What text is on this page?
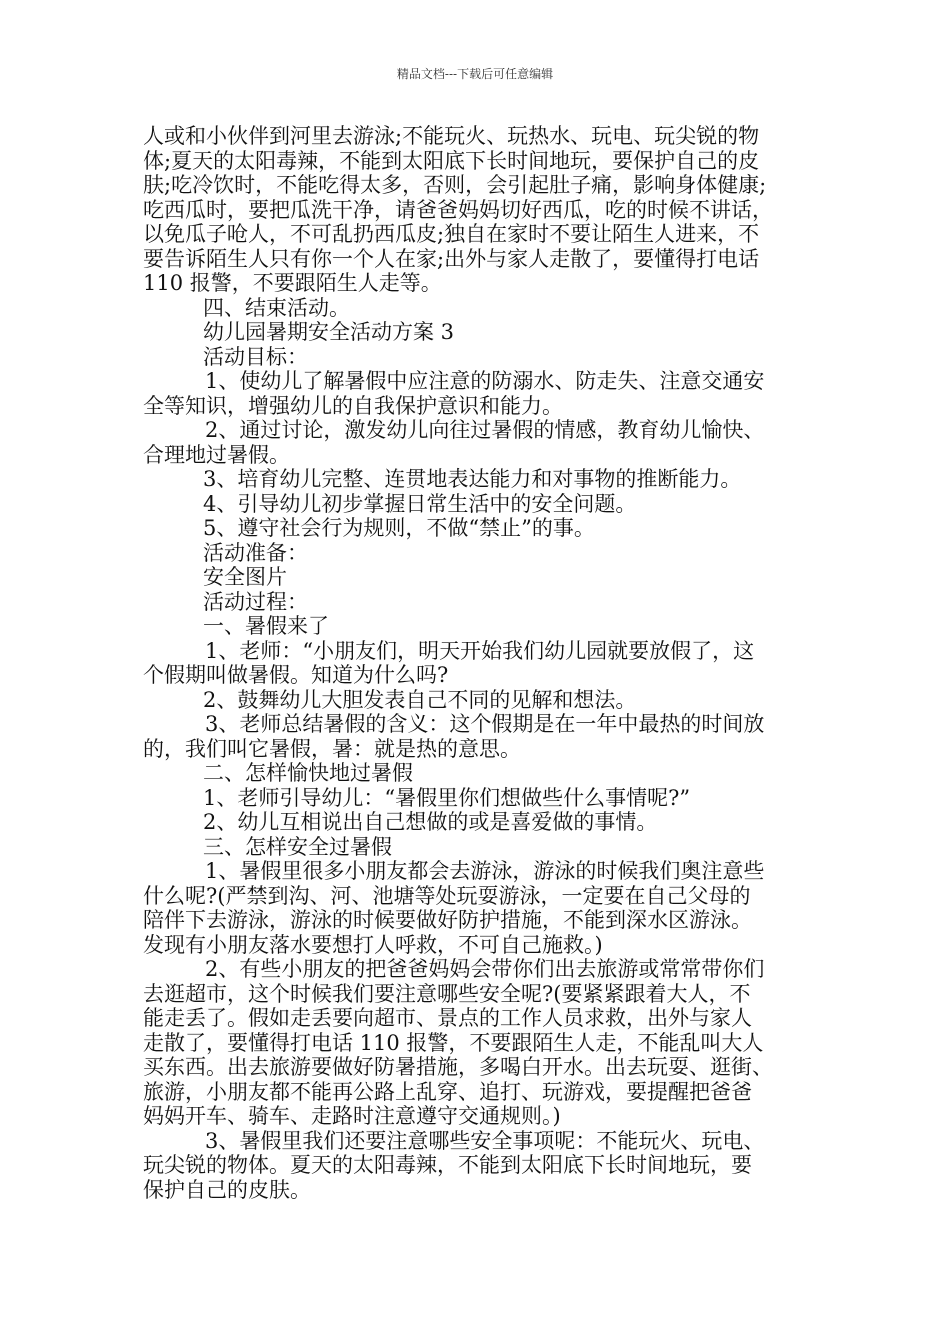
精品文档---下载后可任意编辑
人或和小伙伴到河里去游泳;不能玩火、玩热水、玩电、玩尖锐的物
体;夏天的太阳毒辣，不能到太阳底下长时间地玩，要保护自己的皮
肤;吃冷饮时，不能吃得太多，否则，会引起肚子痛，影响身体健康;
吃西瓜时，要把瓜洗干净，请爸爸妈妈切好西瓜，吃的时候不讲话，
以免瓜子呛人，不可乱扔西瓜皮;独自在家时不要让陌生人进来，不
要告诉陌生人只有你一个人在家;出外与家人走散了，要懂得打电话
110 报警，不要跟陌生人走等。
四、结束活动。
幼儿园暑期安全活动方案 3
活动目标：
1、使幼儿了解暑假中应注意的防溺水、防走失、注意交通安
全等知识，增强幼儿的自我保护意识和能力。
2、通过讨论，激发幼儿向往过暑假的情感，教育幼儿愉快、
合理地过暑假。
3、培育幼儿完整、连贯地表达能力和对事物的推断能力。
4、引导幼儿初步掌握日常生活中的安全问题。
5、遵守社会行为规则，不做“禁止”的事。
活动准备：
安全图片
活动过程：
一、暑假来了
1、老师：“小朋友们，明天开始我们幼儿园就要放假了，这
个假期叫做暑假。知道为什么吗?
2、鼓舞幼儿大胆发表自己不同的见解和想法。
3、老师总结暑假的含义：这个假期是在一年中最热的时间放
的，我们叫它暑假，暑：就是热的意思。
二、怎样愉快地过暑假
1、老师引导幼儿：“暑假里你们想做些什么事情呢?”
2、幼儿互相说出自己想做的或是喜爱做的事情。
三、怎样安全过暑假
1、暑假里很多小朋友都会去游泳，游泳的时候我们奥注意些
什么呢?(严禁到沟、河、池塘等处玩耍游泳，一定要在自己父母的
陪伴下去游泳，游泳的时候要做好防护措施，不能到深水区游泳。
发现有小朋友落水要想打人呼救，不可自己施救。)
2、有些小朋友的把爸爸妈妈会带你们出去旅游或常常带你们
去逛超市，这个时候我们要注意哪些安全呢?(要紧紧跟着大人，不
能走丢了。假如走丢要向超市、景点的工作人员求救，出外与家人
走散了，要懂得打电话 110 报警，不要跟陌生人走，不能乱叫大人
买东西。出去旅游要做好防暑措施，多喝白开水。出去玩耍、逛街、
旅游，小朋友都不能再公路上乱穿、追打、玩游戏，要提醒把爸爸
妈妈开车、骑车、走路时注意遵守交通规则。)
3、暑假里我们还要注意哪些安全事项呢：不能玩火、玩电、
玩尖锐的物体。夏天的太阳毒辣，不能到太阳底下长时间地玩，要
保护自己的皮肤。
